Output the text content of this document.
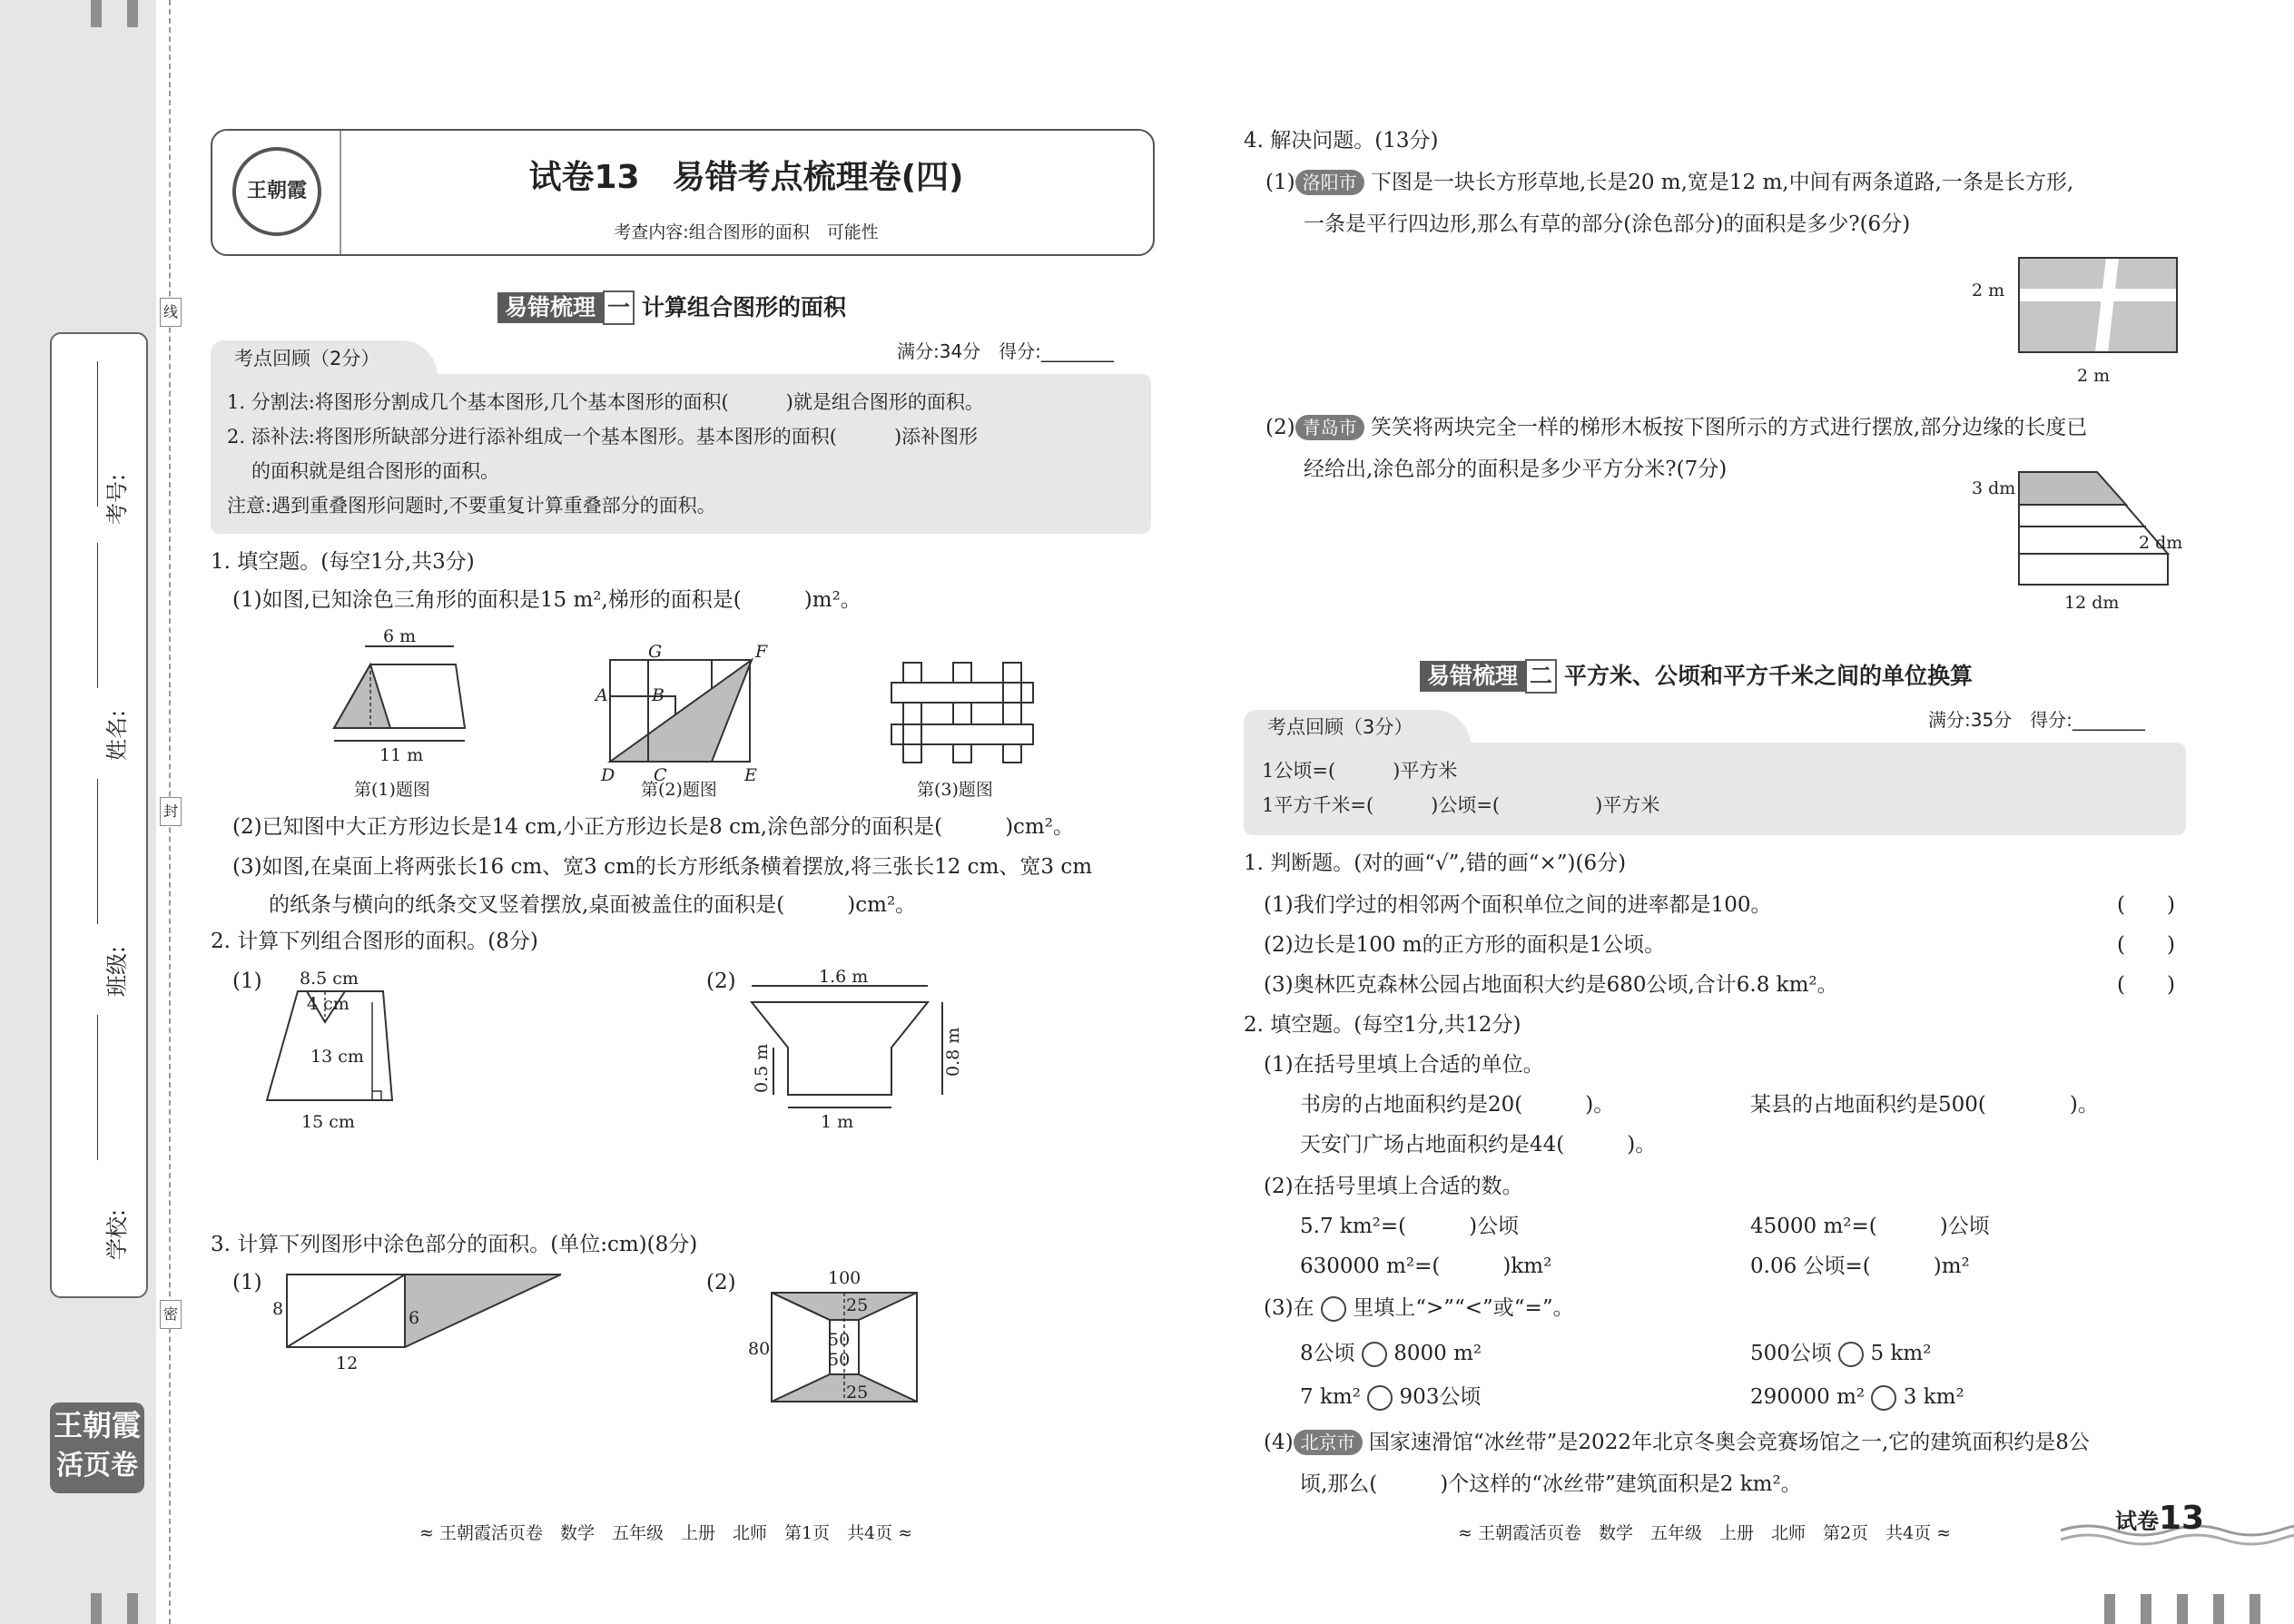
线
封
密
考号:
姓名:
班级:
学校:
王朝霞
活页卷
王朝霞	试卷13　易错考点梳理卷(四)
考查内容:组合图形的面积　可能性
易错梳理 一 计算组合图形的面积
考点回顾（2分）	满分:34分　得分:________
1. 分割法:将图形分割成几个基本图形,几个基本图形的面积(　　　)就是组合图形的面积。
2. 添补法:将图形所缺部分进行添补组成一个基本图形。基本图形的面积(　　　)添补图形
的面积就是组合图形的面积。
注意:遇到重叠图形问题时,不要重复计算重叠部分的面积。
1. 填空题。(每空1分,共3分)
(1)如图,已知涂色三角形的面积是15 m²,梯形的面积是(　　　)m²。
6 m
11 m
第(1)题图
G	F
A	B
D C	E
第(2)题图	第(3)题图
(2)已知图中大正方形边长是14 cm,小正方形边长是8 cm,涂色部分的面积是(　　　)cm²。
(3)如图,在桌面上将两张长16 cm、宽3 cm的长方形纸条横着摆放,将三张长12 cm、宽3 cm
的纸条与横向的纸条交叉竖着摆放,桌面被盖住的面积是(　　　)cm²。
2. 计算下列组合图形的面积。(8分)
(1) 8.5 cm
4 cm
13 cm
15 cm
(2)	1.6 m
0.8 m
0.5 m
1 m
3. 计算下列图形中涂色部分的面积。(单位:cm)(8分)
(1)
8	6
12
(2)	100
25
50
50
25
80
≈ 王朝霞活页卷　数学　五年级　上册　北师　第1页　共4页 ≈
4. 解决问题。(13分)
(1) 洛阳市 下图是一块长方形草地,长是20 m,宽是12 m,中间有两条道路,一条是长方形,
一条是平行四边形,那么有草的部分(涂色部分)的面积是多少?(6分)
2 m
2 m
(2) 青岛市 笑笑将两块完全一样的梯形木板按下图所示的方式进行摆放,部分边缘的长度已
经给出,涂色部分的面积是多少平方分米?(7分)
3 dm
2 dm
12 dm
易错梳理 二 平方米、公顷和平方千米之间的单位换算
考点回顾（3分）	满分:35分　得分:________
1公顷=(　　　)平方米
1平方千米=(　　　)公顷=(　　　　　)平方米
1. 判断题。(对的画“√”,错的画“×”)(6分)
(1)我们学过的相邻两个面积单位之间的进率都是100。	(　　)
(2)边长是100 m的正方形的面积是1公顷。	(　　)
(3)奥林匹克森林公园占地面积大约是680公顷,合计6.8 km²。	(　　)
2. 填空题。(每空1分,共12分)
(1)在括号里填上合适的单位。
书房的占地面积约是20(　　　)。	某县的占地面积约是500(　　　　)。
天安门广场占地面积约是44(　　　)。
(2)在括号里填上合适的数。
5.7 km²=(　　　)公顷	45000 m²=(　　　)公顷
630000 m²=(　　　)km²	0.06 公顷=(　　　)m²
(3)在 里填上“>”“<”或“=”。
8公顷 8000 m²	500公顷 5 km²
7 km² 903公顷	290000 m² 3 km²
(4) 北京市 国家速滑馆“冰丝带”是2022年北京冬奥会竞赛场馆之一,它的建筑面积约是8公
顷,那么(　　　)个这样的“冰丝带”建筑面积是2 km²。
≈ 王朝霞活页卷　数学　五年级　上册　北师　第2页　共4页 ≈	试卷13
